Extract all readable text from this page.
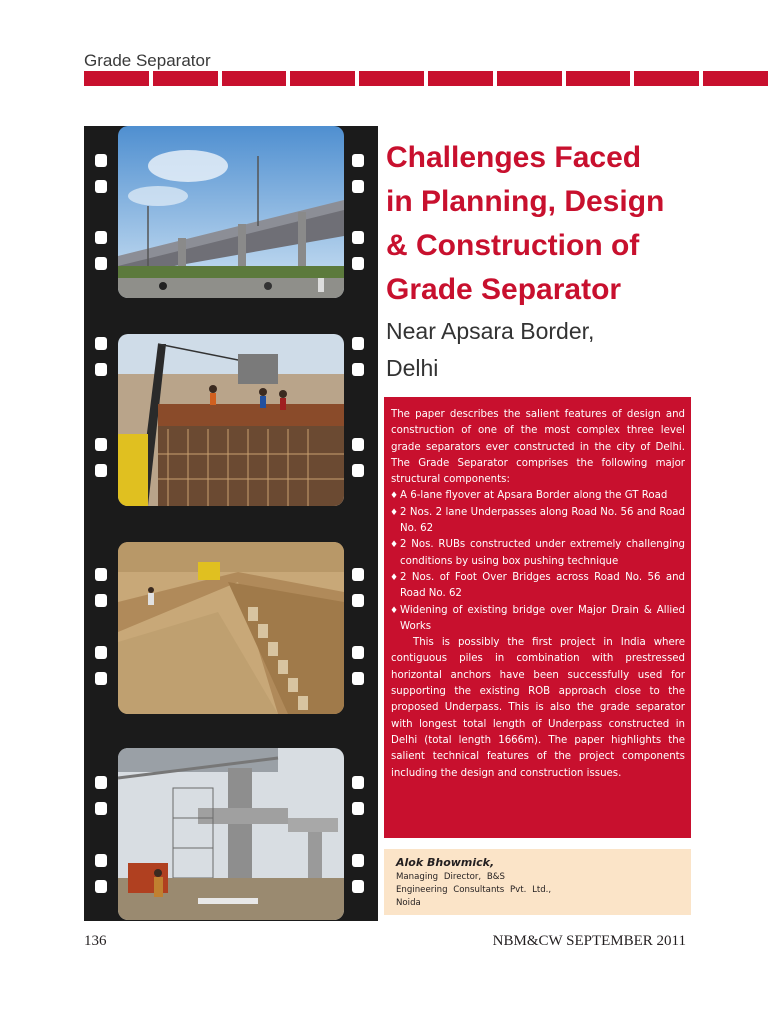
Grade Separator
Challenges Faced
in Planning, Design
& Construction of
Grade Separator
Near Apsara Border,
Delhi

The paper describes the salient features of design and construction of one of the most complex three level grade separators ever constructed in the city of Delhi. The Grade Separator comprises the following major structural components:

♦ A 6-lane flyover at Apsara Border along the GT Road
♦ 2 Nos. 2 lane Underpasses along Road No. 56 and Road No. 62
♦ 2 Nos. RUBs constructed under extremely challenging conditions by using box pushing technique
♦ 2 Nos. of Foot Over Bridges across Road No. 56 and Road No. 62
♦ Widening of existing bridge over Major Drain & Allied Works

This is possibly the first project in India where contiguous piles in combination with prestressed horizontal anchors have been successfully used for supporting the existing ROB approach close to the proposed Underpass. This is also the grade separator with longest total length of Underpass constructed in Delhi (total length 1666m). The paper highlights the salient technical features of the project components including the design and construction issues.

Alok Bhowmick,
Managing Director, B&S
Engineering Consultants Pvt. Ltd.,
Noida
136	NBM&CW SEPTEMBER 2011
